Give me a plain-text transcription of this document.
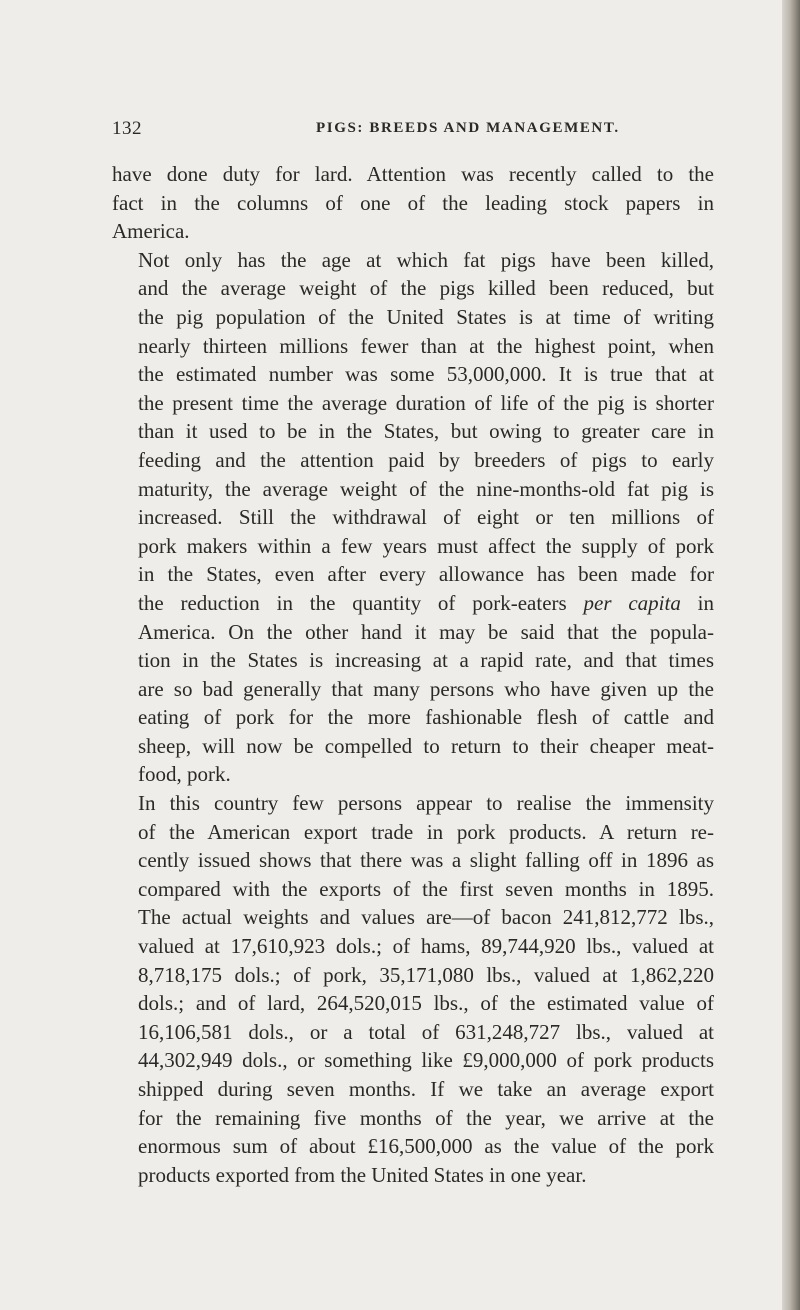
132	PIGS: BREEDS AND MANAGEMENT.

have done duty for lard. Attention was recently called to the
fact in the columns of one of the leading stock papers in
America.

Not only has the age at which fat pigs have been killed,
and the average weight of the pigs killed been reduced, but
the pig population of the United States is at time of writing
nearly thirteen millions fewer than at the highest point, when
the estimated number was some 53,000,000. It is true that at
the present time the average duration of life of the pig is shorter
than it used to be in the States, but owing to greater care in
feeding and the attention paid by breeders of pigs to early
maturity, the average weight of the nine-months-old fat pig is
increased. Still the withdrawal of eight or ten millions of
pork makers within a few years must affect the supply of pork
in the States, even after every allowance has been made for
the reduction in the quantity of pork-eaters per capita in
America. On the other hand it may be said that the popula-
tion in the States is increasing at a rapid rate, and that times
are so bad generally that many persons who have given up the
eating of pork for the more fashionable flesh of cattle and
sheep, will now be compelled to return to their cheaper meat-
food, pork.

In this country few persons appear to realise the immensity
of the American export trade in pork products. A return re-
cently issued shows that there was a slight falling off in 1896 as
compared with the exports of the first seven months in 1895.
The actual weights and values are—of bacon 241,812,772 lbs.,
valued at 17,610,923 dols.; of hams, 89,744,920 lbs., valued at
8,718,175 dols.; of pork, 35,171,080 lbs., valued at 1,862,220
dols.; and of lard, 264,520,015 lbs., of the estimated value of
16,106,581 dols., or a total of 631,248,727 lbs., valued at
44,302,949 dols., or something like £9,000,000 of pork products
shipped during seven months. If we take an average export
for the remaining five months of the year, we arrive at the
enormous sum of about £16,500,000 as the value of the pork
products exported from the United States in one year.
